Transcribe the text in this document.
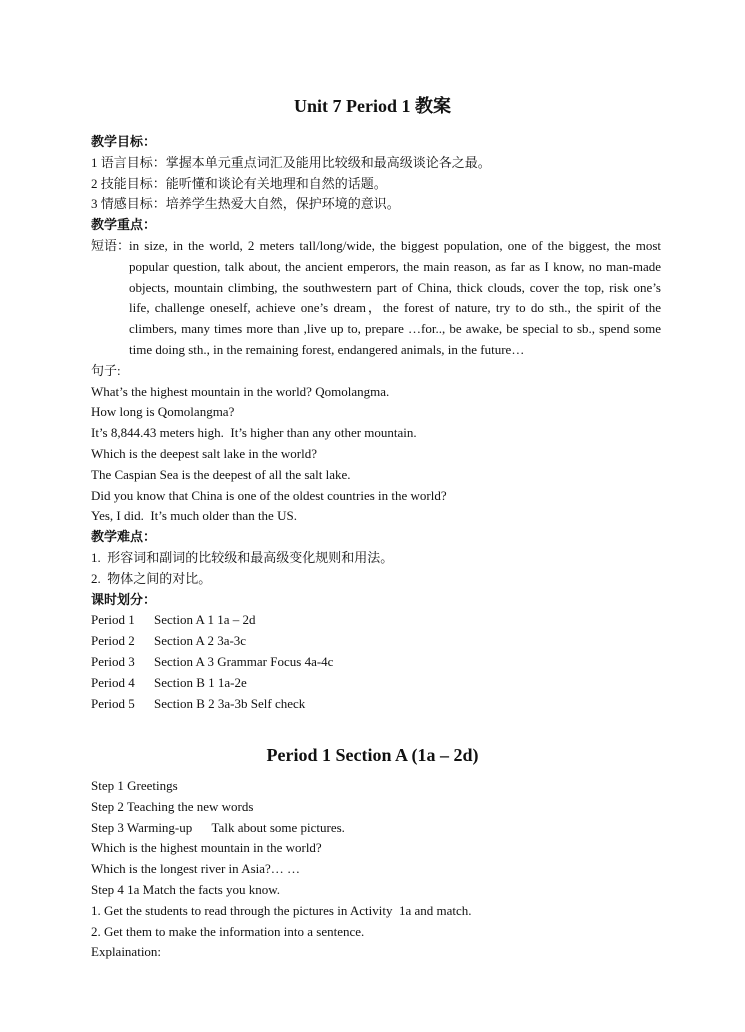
Unit 7 Period 1 教案
教学目标：
1 语言目标：掌握本单元重点词汇及能用比较级和最高级谈论各之最。
2 技能目标：能听懂和谈论有关地理和自然的话题。
3 情感目标：培养学生热爱大自然，保护环境的意识。
教学重点：
短语：

in size, in the world, 2 meters tall/long/wide, the biggest population, one of the biggest, the most popular question, talk about, the ancient emperors, the main reason, as far as I know, no man-made objects, mountain climbing, the southwestern part of China, thick clouds, cover the top, risk one’s life, challenge oneself, achieve one’s dream，the forest of nature, try to do sth., the spirit of the climbers, many times more than ,live up to, prepare …for.., be awake, be special to sb., spend some time doing sth., in the remaining forest, endangered animals, in the future…

句子:
What’s the highest mountain in the world? Qomolangma.
How long is Qomolangma?
It’s 8,844.43 meters high.  It’s higher than any other mountain.
Which is the deepest salt lake in the world?
The Caspian Sea is the deepest of all the salt lake.
Did you know that China is one of the oldest countries in the world?
Yes, I did.  It’s much older than the US.
教学难点：
1.  形容词和副词的比较级和最高级变化规则和用法。
2.  物体之间的对比。
课时划分：
Period 1 Section A 1 1a – 2d
Period 2 Section A 2 3a-3c
Period 3 Section A 3 Grammar Focus 4a-4c
Period 4 Section B 1 1a-2e
Period 5 Section B 2 3a-3b Self check
Period 1 Section A (1a – 2d)
Step 1 Greetings
Step 2 Teaching the new words
Step 3 Warming-up      Talk about some pictures.
Which is the highest mountain in the world?
Which is the longest river in Asia?… …
Step 4 1a Match the facts you know.
1. Get the students to read through the pictures in Activity  1a and match.
2. Get them to make the information into a sentence.
Explaination:
